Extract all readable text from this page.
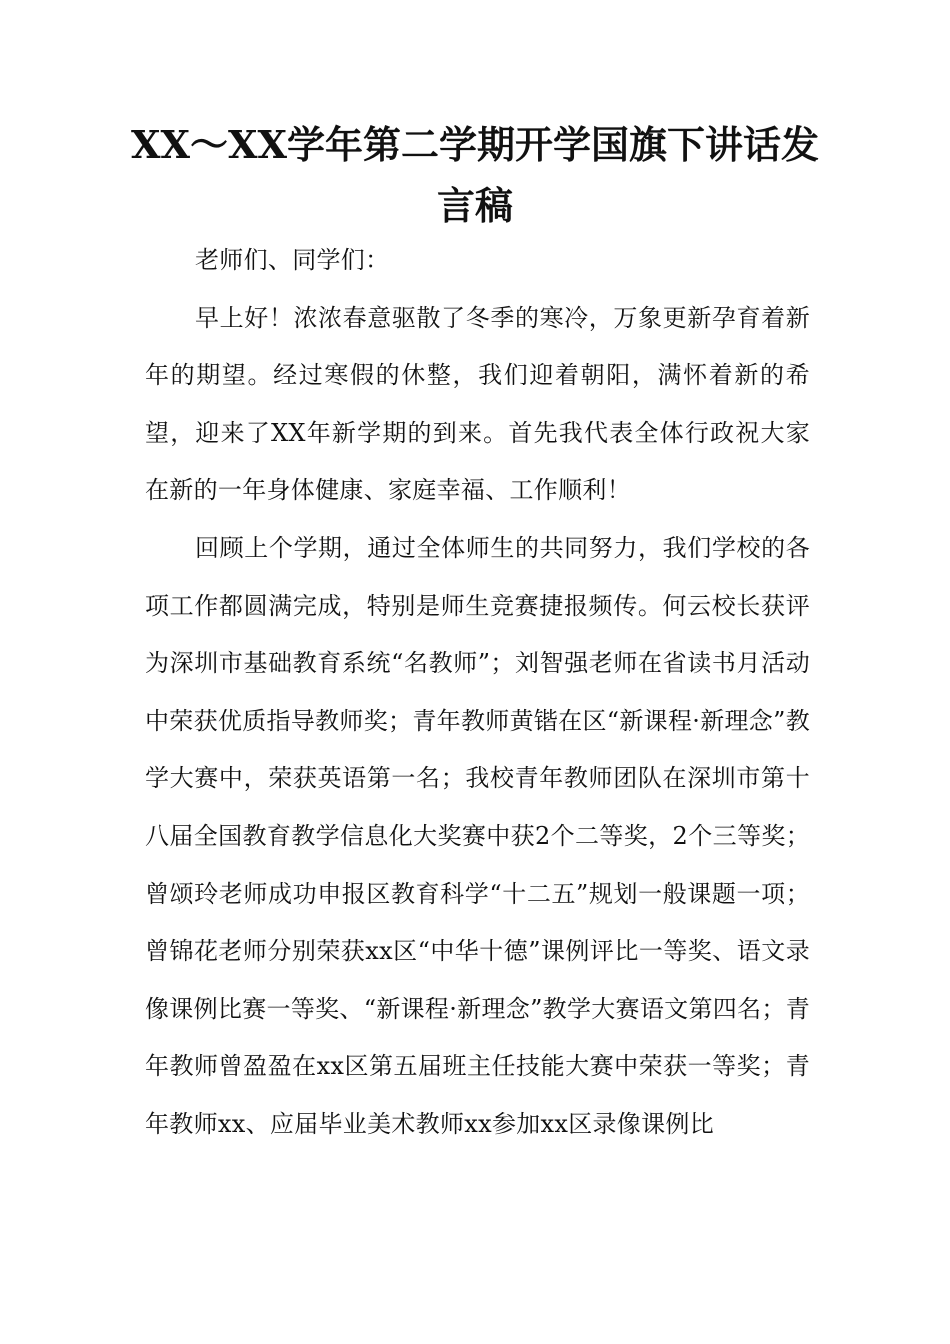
XX～XX学年第二学期开学国旗下讲话发言稿

老师们、同学们：

早上好！浓浓春意驱散了冬季的寒冷，万象更新孕育着新年的期望。经过寒假的休整，我们迎着朝阳，满怀着新的希望，迎来了XX年新学期的到来。首先我代表全体行政祝大家在新的一年身体健康、家庭幸福、工作顺利！

回顾上个学期，通过全体师生的共同努力，我们学校的各项工作都圆满完成，特别是师生竞赛捷报频传。何云校长获评为深圳市基础教育系统“名教师”；刘智强老师在省读书月活动中荣获优质指导教师奖；青年教师黄锴在区“新课程·新理念”教学大赛中，荣获英语第一名；我校青年教师团队在深圳市第十八届全国教育教学信息化大奖赛中获2个二等奖，2个三等奖；曾颂玲老师成功申报区教育科学“十二五”规划一般课题一项；曾锦花老师分别荣获xx区“中华十德”课例评比一等奖、语文录像课例比赛一等奖、“新课程·新理念”教学大赛语文第四名；青年教师曾盈盈在xx区第五届班主任技能大赛中荣获一等奖；青年教师xx、应届毕业美术教师xx参加xx区录像课例比
